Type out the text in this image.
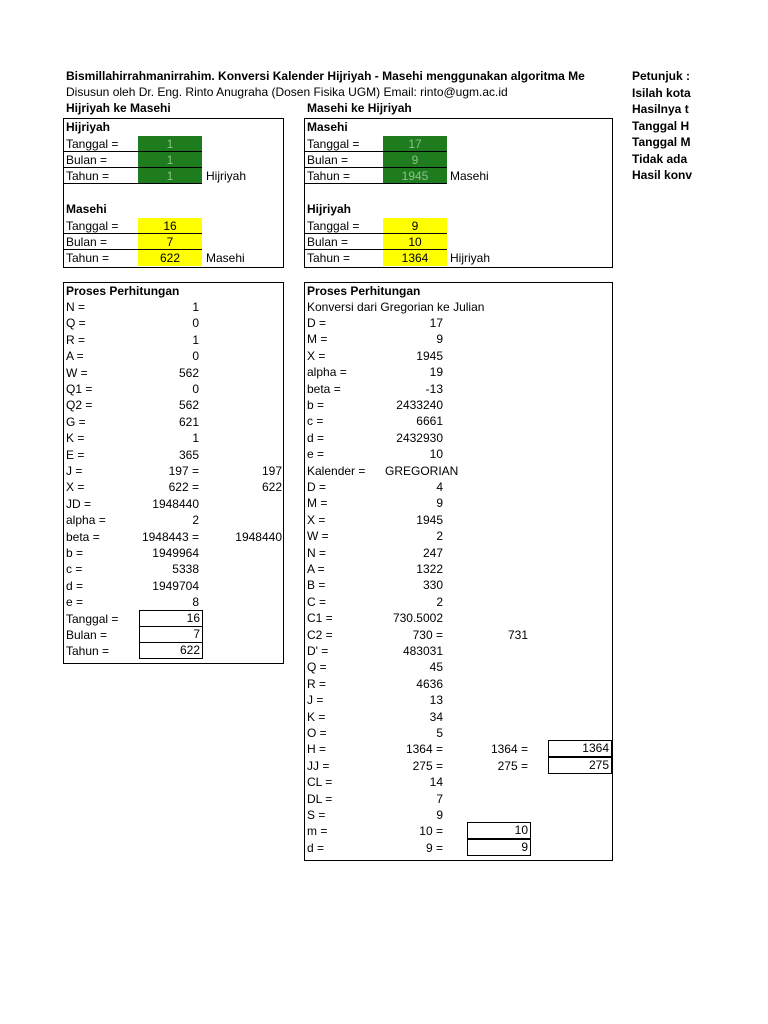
Bismillahirrahmanirrahim. Konversi Kalender Hijriyah - Masehi menggunakan algoritma Me
Disusun oleh Dr. Eng. Rinto Anugraha (Dosen Fisika UGM) Email: rinto@ugm.ac.id
Hijriyah ke Masehi	Masehi ke Hijriyah
Petunjuk :
Isilah kota
Hasilnya t
Tanggal H
Tanggal M
Tidak ada
Hasil konv
Hijriyah
Tanggal =	1
Bulan =	1
Tahun =	1	Hijriyah
Masehi
Tanggal =	16
Bulan =	7
Tahun =	622	Masehi
Masehi
Tanggal =	17
Bulan =	9
Tahun =	1945	Masehi
Hijriyah
Tanggal =	9
Bulan =	10
Tahun =	1364	Hijriyah
Proses Perhitungan
N =	1
Q =	0
R =	1
A =	0
W =	562
Q1 =	0
Q2 =	562
G =	621
K =	1
E =	365
J =	197 =	197
X =	622 =	622
JD =	1948440
alpha =	2
beta =	1948443 =	1948440
b =	1949964
c =	5338
d =	1949704
e =	8
Tanggal =	16
Bulan =	7
Tahun =	622
Proses Perhitungan
Konversi dari Gregorian ke Julian
D =	17
M =	9
X =	1945
alpha =	19
beta =	-13
b =	2433240
c =	6661
d =	2432930
e =	10
Kalender = GREGORIAN
D =	4
M =	9
X =	1945
W =	2
N =	247
A =	1322
B =	330
C =	2
C1 =	730.5002
C2 =	730 =	731
D' =	483031
Q =	45
R =	4636
J =	13
K =	34
O =	5
H =	1364 =	1364 =	1364
JJ =	275 =	275 =	275
CL =	14
DL =	7
S =	9
m =	10 =	10
d =	9 =	9
